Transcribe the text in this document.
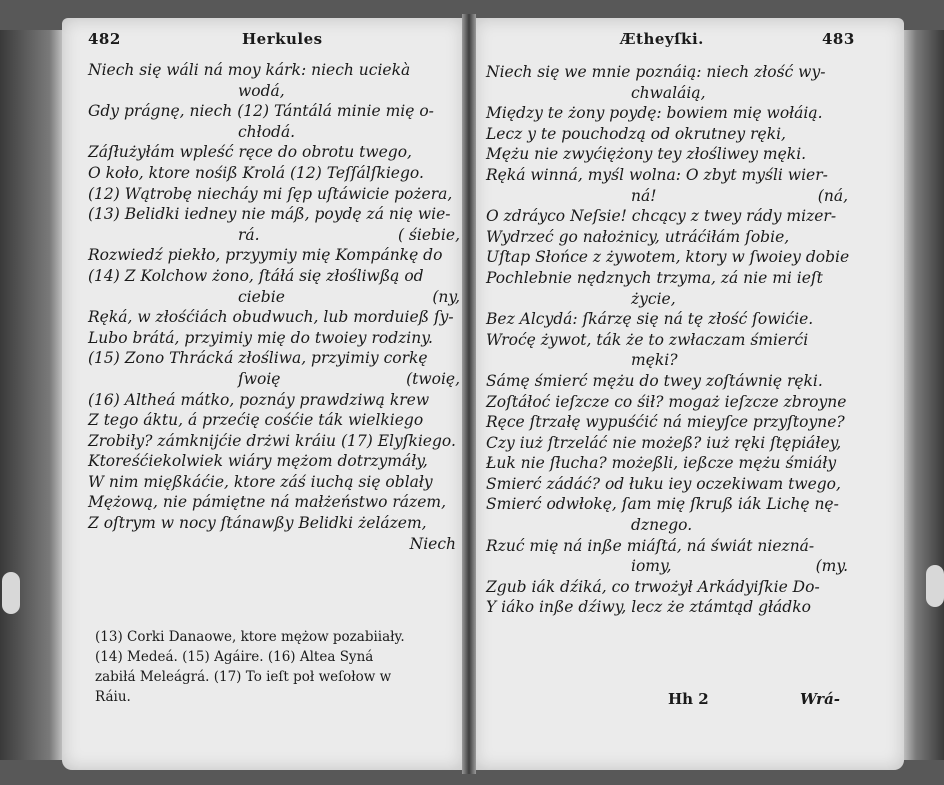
482	Herkules	Ætheyſki.	483
Niech się wáli ná moy kárk: niech uciekà
wodá,
Gdy prágnę, niech (12) Tántálá minie mię o-
chłodá.
Záſłużyłám wpleść ręce do obrotu twego,
O koło, ktore nośiß Krolá (12) Teſſálſkiego.
(12) Wątrobę niecháy mi ſęp uſtáwicie pożera,
(13) Belidki iedney nie máß, poydę zá nię wie-
rá.	( śiebie,
Rozwiedź piekło, przyymiy mię Kompánkę do
(14) Z Kolchow żono, ſtáłá się złośliwßą od
ciebie	(ny,
Ręká, w złośćiách obudwuch, lub morduieß ſy-
Lubo brátá, przyimiy mię do twoiey rodziny.
(15) Zono Thrácká złośliwa, przyimiy corkę
ſwoię	(twoię,
(16) Altheá mátko, poznáy prawdziwą krew
Z tego áktu, á przećię cośćie ták wielkiego
Zrobiły? zámknijćie drżwi kráiu (17) Elyſkiego.
Ktoreśćiekolwiek wiáry mężom dotrzymáły,
W nim mięßkáćie, ktore záś iuchą się oblały
Mężową, nie pámiętne ná małżeństwo rázem,
Z oſtrym w nocy ſtánawßy Belidki żelázem,
Niech
(13) Corki Danaowe, ktore mężow pozabiiały.
(14) Medeá. (15) Agáire. (16) Altea Syná
zabiłá Meleágrá. (17) To ieſt poł weſołow w
Ráiu.
Niech się we mnie poznáią: niech złość wy-
chwaláią,
Między te żony poydę: bowiem mię wołáią.
Lecz y te pouchodzą od okrutney ręki,
Mężu nie zwyćiężony tey złośliwey męki.
Ręká winná, myśl wolna: O zbyt myśli wier-
ná!	(ná,
O zdráyco Neſsie! chcący z twey rády mizer-
Wydrzeć go nałożnicy, utráćiłám ſobie,
Uſtap Słońce z żywotem, ktory w ſwoiey dobie
Pochlebnie nędznych trzyma, zá nie mi ieſt
życie,
Bez Alcydá: ſkárzę się ná tę złość ſowićie.
Wroćę żywot, ták że to zwłaczam śmierći
męki?
Sámę śmierć mężu do twey zoſtáwnię ręki.
Zoſtáłoć ieſzcze co śił? mogaż ieſzcze zbroyne
Ręce ſtrzałę wypuśćić ná mieyſce przyſtoyne?
Czy iuż ſtrzeláć nie możeß? iuż ręki ſtępiáłey,
Łuk nie ſłucha? możeßli, ießcze mężu śmiáły
Smierć zádáć? od łuku iey oczekiwam twego,
Smierć odwłokę, ſam mię ſkruß iák Lichę nę-
dznego.
Rzuć mię ná inße miáſtá, ná świát niezná-
iomy,	(my.
Zgub iák dźiká, co trwożył Arkádyiſkie Do-
Y iáko inße dźiwy, lecz że ztámtąd głádko
Hh 2	Wrá-
